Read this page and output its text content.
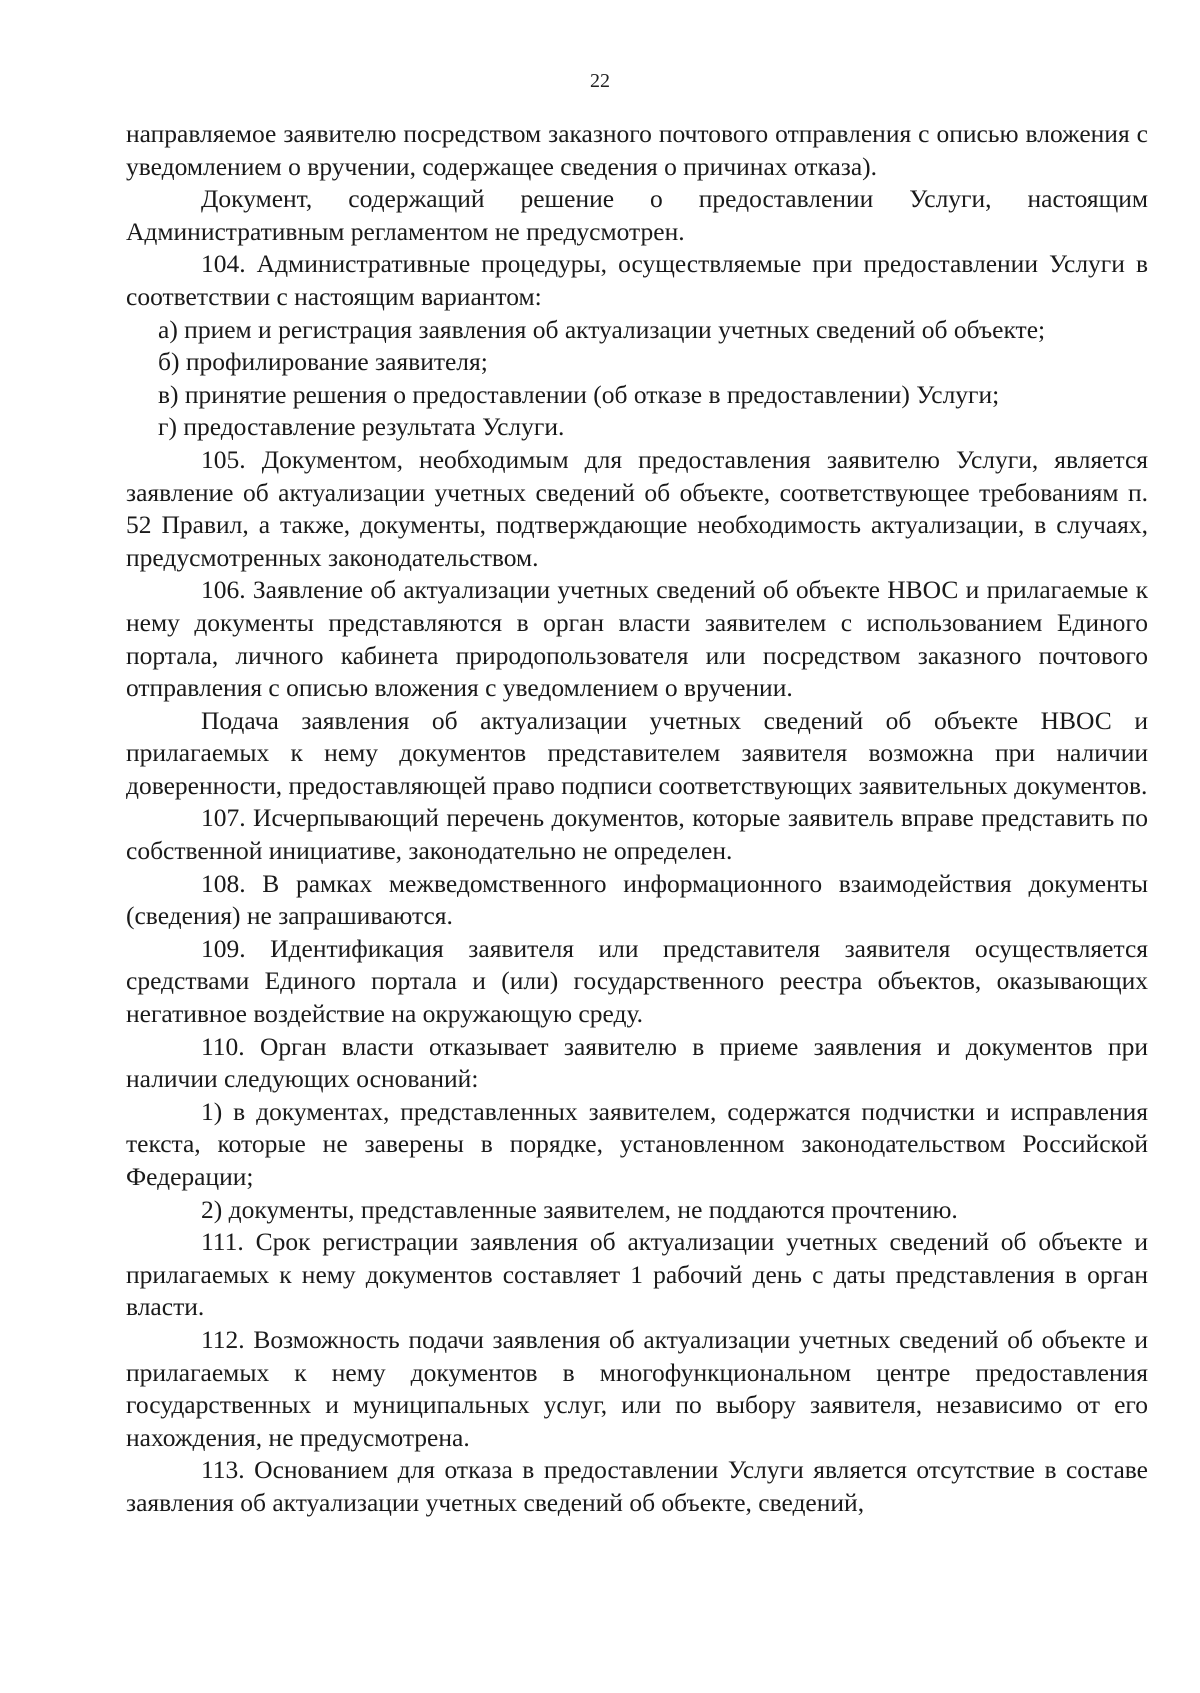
22

направляемое заявителю посредством заказного почтового отправления с описью вложения с уведомлением о вручении, содержащее сведения о причинах отказа).

Документ, содержащий решение о предоставлении Услуги, настоящим Административным регламентом не предусмотрен.

104. Административные процедуры, осуществляемые при предоставлении Услуги в соответствии с настоящим вариантом:

а) прием и регистрация заявления об актуализации учетных сведений об объекте;

б) профилирование заявителя;

в) принятие решения о предоставлении (об отказе в предоставлении) Услуги;

г) предоставление результата Услуги.

105. Документом, необходимым для предоставления заявителю Услуги, является заявление об актуализации учетных сведений об объекте, соответствующее требованиям п. 52 Правил, а также, документы, подтверждающие необходимость актуализации, в случаях, предусмотренных законодательством.

106. Заявление об актуализации учетных сведений об объекте НВОС и прилагаемые к нему документы представляются в орган власти заявителем с использованием Единого портала, личного кабинета природопользователя или посредством заказного почтового отправления с описью вложения с уведомлением о вручении.

Подача заявления об актуализации учетных сведений об объекте НВОС и прилагаемых к нему документов представителем заявителя возможна при наличии доверенности, предоставляющей право подписи соответствующих заявительных документов.

107. Исчерпывающий перечень документов, которые заявитель вправе представить по собственной инициативе, законодательно не определен.

108. В рамках межведомственного информационного взаимодействия документы (сведения) не запрашиваются.

109. Идентификация заявителя или представителя заявителя осуществляется средствами Единого портала и (или) государственного реестра объектов, оказывающих негативное воздействие на окружающую среду.

110. Орган власти отказывает заявителю в приеме заявления и документов при наличии следующих оснований:

1) в документах, представленных заявителем, содержатся подчистки и исправления текста, которые не заверены в порядке, установленном законодательством Российской Федерации;

2) документы, представленные заявителем, не поддаются прочтению.

111. Срок регистрации заявления об актуализации учетных сведений об объекте и прилагаемых к нему документов составляет 1 рабочий день с даты представления в орган власти.

112. Возможность подачи заявления об актуализации учетных сведений об объекте и прилагаемых к нему документов в многофункциональном центре предоставления государственных и муниципальных услуг, или по выбору заявителя, независимо от его нахождения, не предусмотрена.

113. Основанием для отказа в предоставлении Услуги является отсутствие в составе заявления об актуализации учетных сведений об объекте, сведений,
